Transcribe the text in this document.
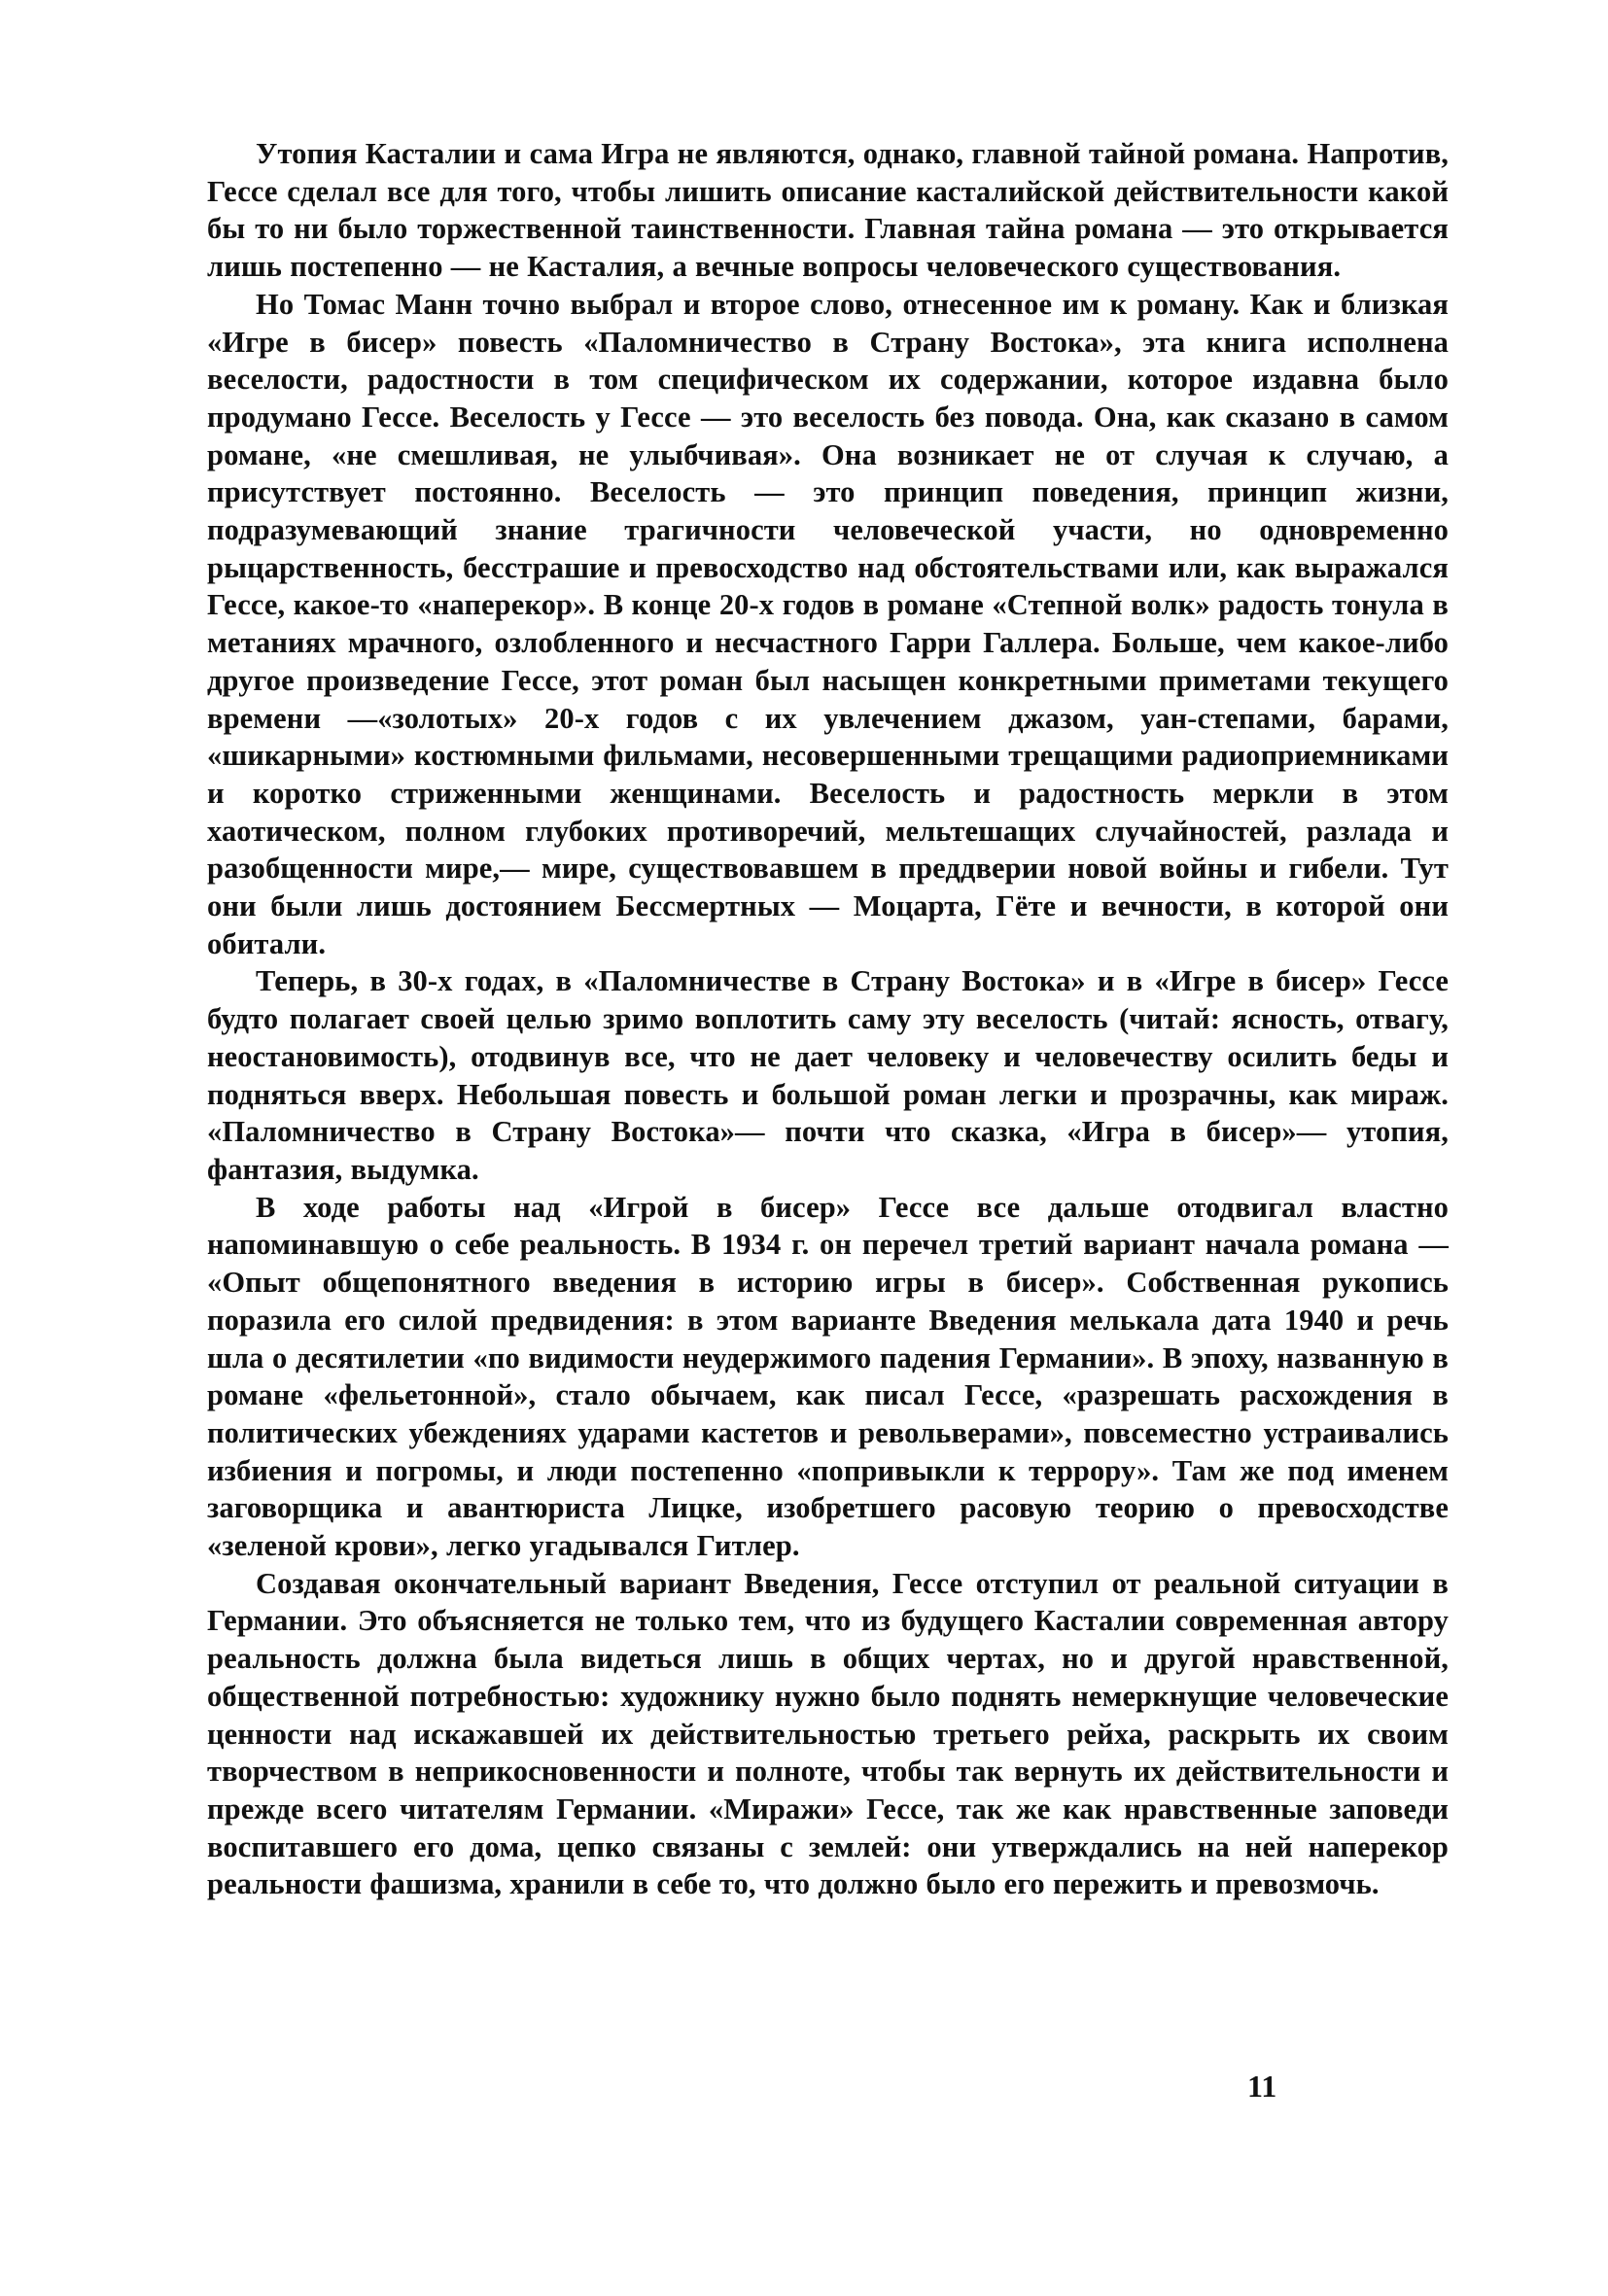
Утопия Касталии и сама Игра не являются, однако, главной тайной романа. Напротив, Гессе сделал все для того, чтобы лишить описание касталийской действительности какой бы то ни было торжественной таинственности. Главная тайна романа — это открывается лишь постепенно — не Касталия, а вечные вопросы человеческого существования.

Но Томас Манн точно выбрал и второе слово, отнесенное им к роману. Как и близкая «Игре в бисер» повесть «Паломничество в Страну Востока», эта книга исполнена веселости, радостности в том специфическом их содержании, которое издавна было продумано Гессе. Веселость у Гессе — это веселость без повода. Она, как сказано в самом романе, «не смешливая, не улыбчивая». Она возникает не от случая к случаю, а присутствует постоянно. Веселость — это принцип поведения, принцип жизни, подразумевающий знание трагичности человеческой участи, но одновременно рыцарственность, бесстрашие и превосходство над обстоятельствами или, как выражался Гессе, какое-то «наперекор». В конце 20-х годов в романе «Степной волк» радость тонула в метаниях мрачного, озлобленного и несчастного Гарри Галлера. Больше, чем какое-либо другое произведение Гессе, этот роман был насыщен конкретными приметами текущего времени —«золотых» 20-х годов с их увлечением джазом, уан-степами, барами, «шикарными» костюмными фильмами, несовершенными трещащими радиоприемниками и коротко стриженными женщинами. Веселость и радостность меркли в этом хаотическом, полном глубоких противоречий, мельтешащих случайностей, разлада и разобщенности мире,— мире, существовавшем в преддверии новой войны и гибели. Тут они были лишь достоянием Бессмертных — Моцарта, Гёте и вечности, в которой они обитали.

Теперь, в 30-х годах, в «Паломничестве в Страну Востока» и в «Игре в бисер» Гессе будто полагает своей целью зримо воплотить саму эту веселость (читай: ясность, отвагу, неостановимость), отодвинув все, что не дает человеку и человечеству осилить беды и подняться вверх. Небольшая повесть и большой роман легки и прозрачны, как мираж. «Паломничество в Страну Востока»— почти что сказка, «Игра в бисер»— утопия, фантазия, выдумка.

В ходе работы над «Игрой в бисер» Гессе все дальше отодвигал властно напоминавшую о себе реальность. В 1934 г. он перечел третий вариант начала романа — «Опыт общепонятного введения в историю игры в бисер». Собственная рукопись поразила его силой предвидения: в этом варианте Введения мелькала дата 1940 и речь шла о десятилетии «по видимости неудержимого падения Германии». В эпоху, названную в романе «фельетонной», стало обычаем, как писал Гессе, «разрешать расхождения в политических убеждениях ударами кастетов и револьверами», повсеместно устраивались избиения и погромы, и люди постепенно «попривыкли к террору». Там же под именем заговорщика и авантюриста Лицке, изобретшего расовую теорию о превосходстве «зеленой крови», легко угадывался Гитлер.

Создавая окончательный вариант Введения, Гессе отступил от реальной ситуации в Германии. Это объясняется не только тем, что из будущего Касталии современная автору реальность должна была видеться лишь в общих чертах, но и другой нравственной, общественной потребностью: художнику нужно было поднять немеркнущие человеческие ценности над искажавшей их действительностью третьего рейха, раскрыть их своим творчеством в неприкосновенности и полноте, чтобы так вернуть их действительности и прежде всего читателям Германии. «Миражи» Гессе, так же как нравственные заповеди воспитавшего его дома, цепко связаны с землей: они утверждались на ней наперекор реальности фашизма, хранили в себе то, что должно было его пережить и превозмочь.

11
